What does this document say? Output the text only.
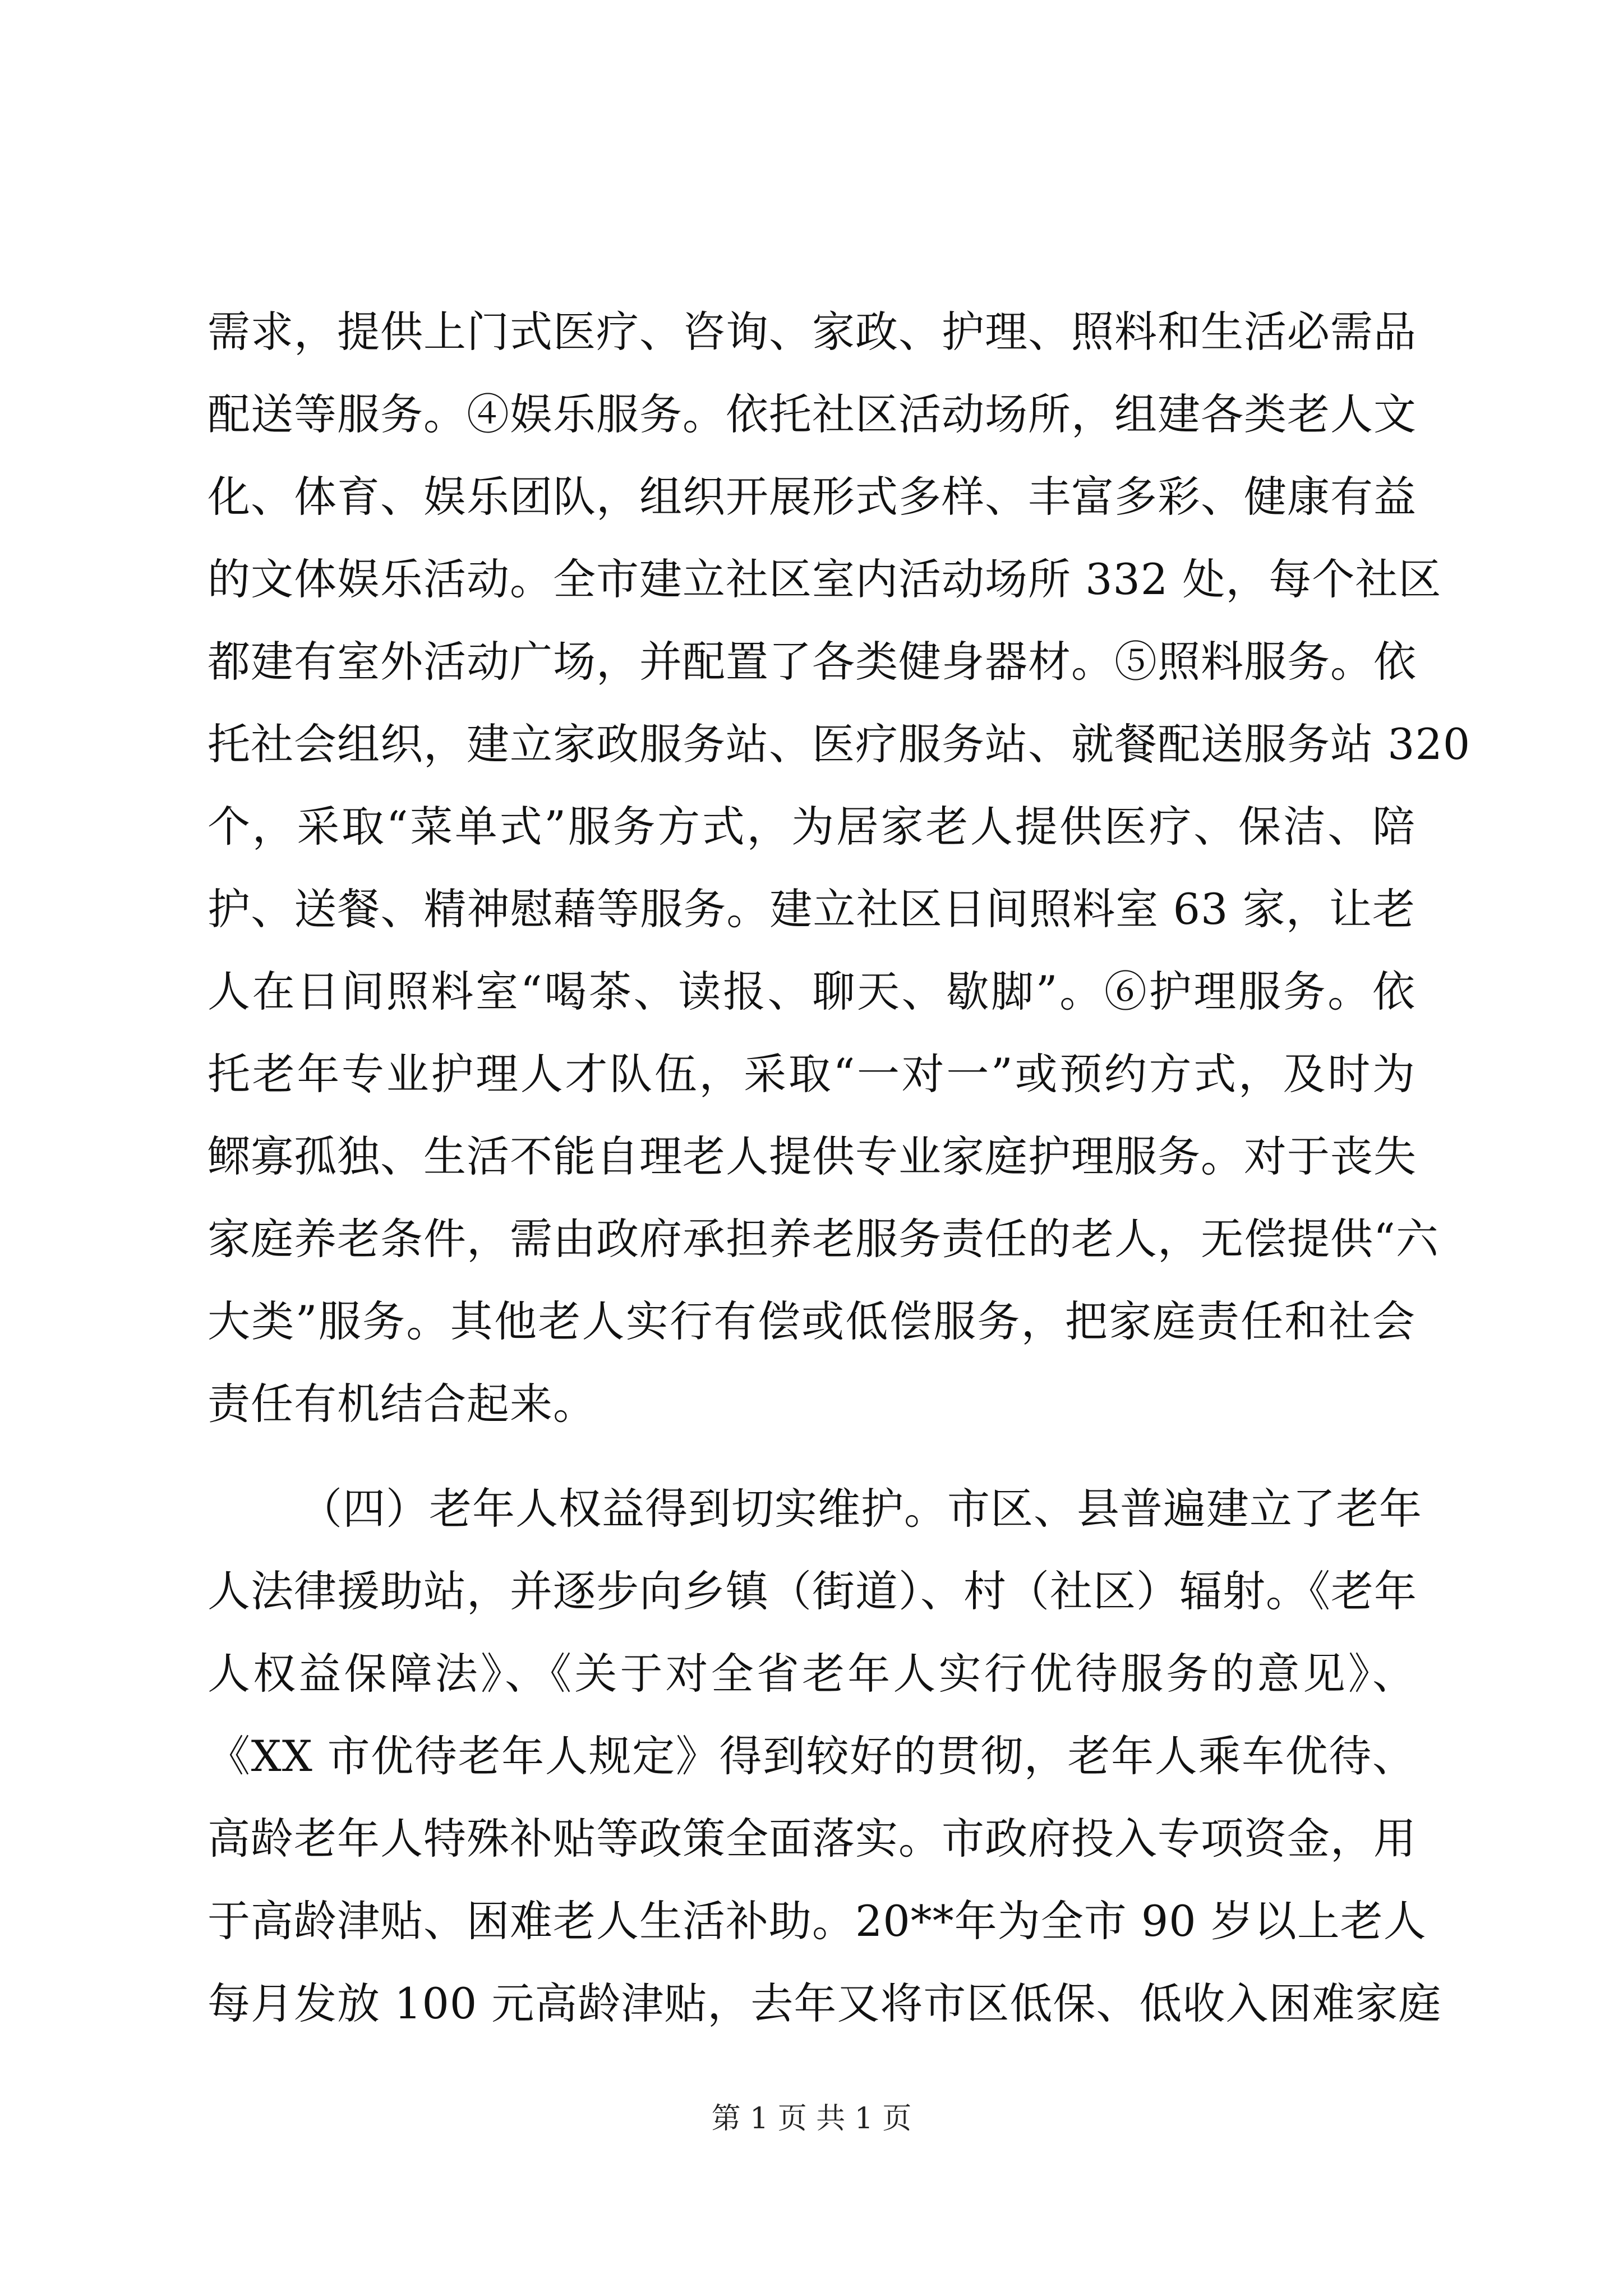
需求，提供上门式医疗、咨询、家政、护理、照料和生活必需品
配送等服务。④娱乐服务。依托社区活动场所，组建各类老人文
化、体育、娱乐团队，组织开展形式多样、丰富多彩、健康有益
的文体娱乐活动。全市建立社区室内活动场所 332 处，每个社区
都建有室外活动广场，并配置了各类健身器材。⑤照料服务。依
托社会组织，建立家政服务站、医疗服务站、就餐配送服务站 320
个，采取“菜单式”服务方式，为居家老人提供医疗、保洁、陪
护、送餐、精神慰藉等服务。建立社区日间照料室 63 家，让老
人在日间照料室“喝茶、读报、聊天、歇脚”。⑥护理服务。依
托老年专业护理人才队伍，采取“一对一”或预约方式，及时为
鳏寡孤独、生活不能自理老人提供专业家庭护理服务。对于丧失
家庭养老条件，需由政府承担养老服务责任的老人，无偿提供“六
大类”服务。其他老人实行有偿或低偿服务，把家庭责任和社会
责任有机结合起来。
（四）老年人权益得到切实维护。市区、县普遍建立了老年
人法律援助站，并逐步向乡镇（街道）、村（社区）辐射。《老年
人权益保障法》、《关于对全省老年人实行优待服务的意见》、
《XX 市优待老年人规定》得到较好的贯彻，老年人乘车优待、
高龄老年人特殊补贴等政策全面落实。市政府投入专项资金，用
于高龄津贴、困难老人生活补助。20**年为全市 90 岁以上老人
每月发放 100 元高龄津贴，去年又将市区低保、低收入困难家庭
第 1 页 共 1 页
